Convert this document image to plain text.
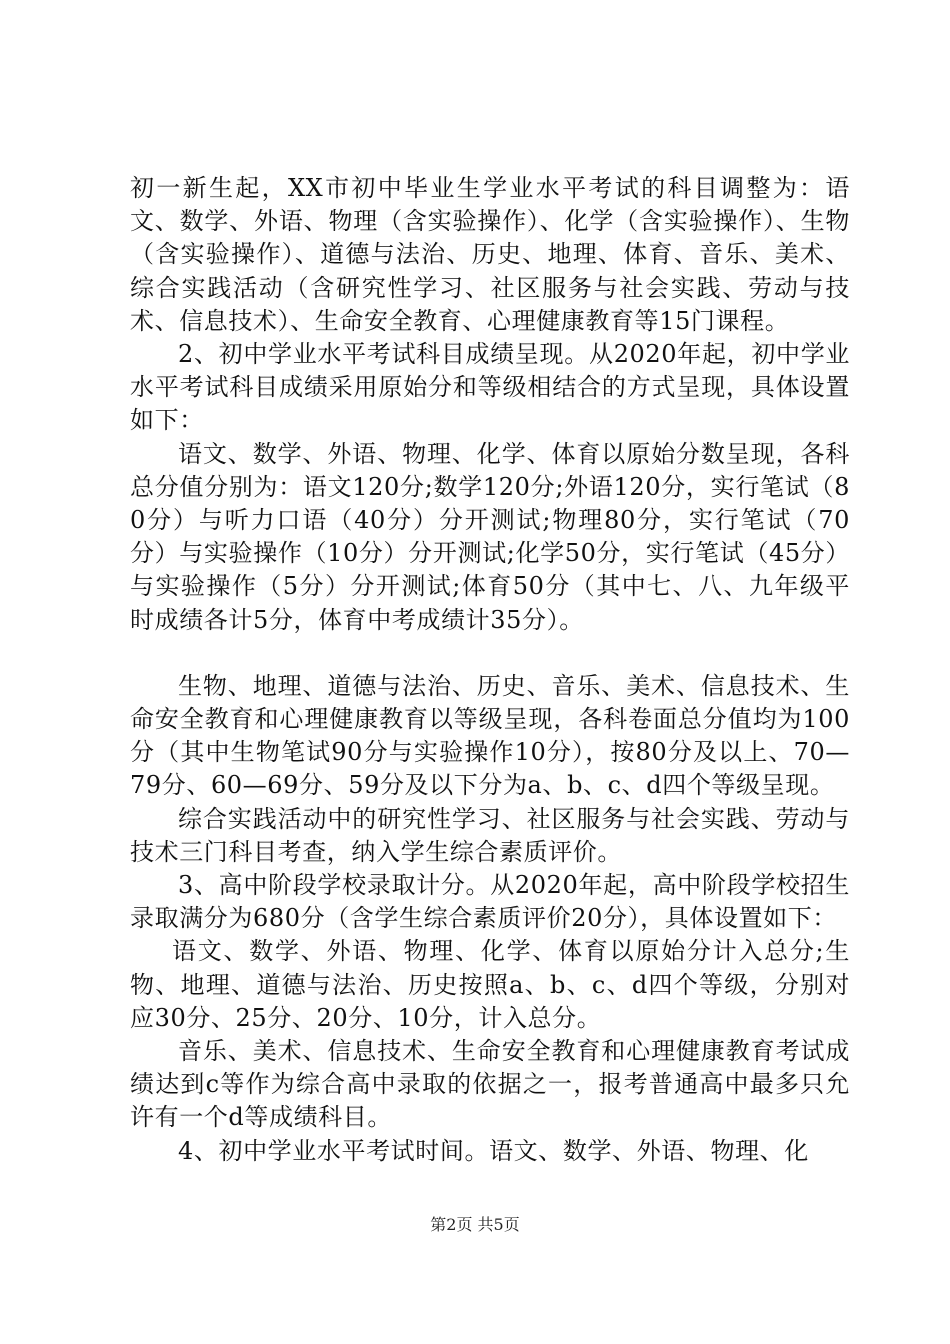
初一新生起，XX市初中毕业生学业水平考试的科目调整为：语文、数学、外语、物理（含实验操作）、化学（含实验操作）、生物（含实验操作）、道德与法治、历史、地理、体育、音乐、美术、综合实践活动（含研究性学习、社区服务与社会实践、劳动与技术、信息技术）、生命安全教育、心理健康教育等15门课程。

2、初中学业水平考试科目成绩呈现。从2020年起，初中学业水平考试科目成绩采用原始分和等级相结合的方式呈现，具体设置如下：

语文、数学、外语、物理、化学、体育以原始分数呈现，各科总分值分别为：语文120分;数学120分;外语120分，实行笔试（80分）与听力口语（40分）分开测试;物理80分，实行笔试（70分）与实验操作（10分）分开测试;化学50分，实行笔试（45分）与实验操作（5分）分开测试;体育50分（其中七、八、九年级平时成绩各计5分，体育中考成绩计35分）。

生物、地理、道德与法治、历史、音乐、美术、信息技术、生命安全教育和心理健康教育以等级呈现，各科卷面总分值均为100分（其中生物笔试90分与实验操作10分），按80分及以上、70—79分、60—69分、59分及以下分为a、b、c、d四个等级呈现。

综合实践活动中的研究性学习、社区服务与社会实践、劳动与技术三门科目考查，纳入学生综合素质评价。

3、高中阶段学校录取计分。从2020年起，高中阶段学校招生录取满分为680分（含学生综合素质评价20分），具体设置如下：

语文、数学、外语、物理、化学、体育以原始分计入总分;生物、地理、道德与法治、历史按照a、b、c、d四个等级，分别对应30分、25分、20分、10分，计入总分。

音乐、美术、信息技术、生命安全教育和心理健康教育考试成绩达到c等作为综合高中录取的依据之一，报考普通高中最多只允许有一个d等成绩科目。

4、初中学业水平考试时间。语文、数学、外语、物理、化

第2页 共5页
